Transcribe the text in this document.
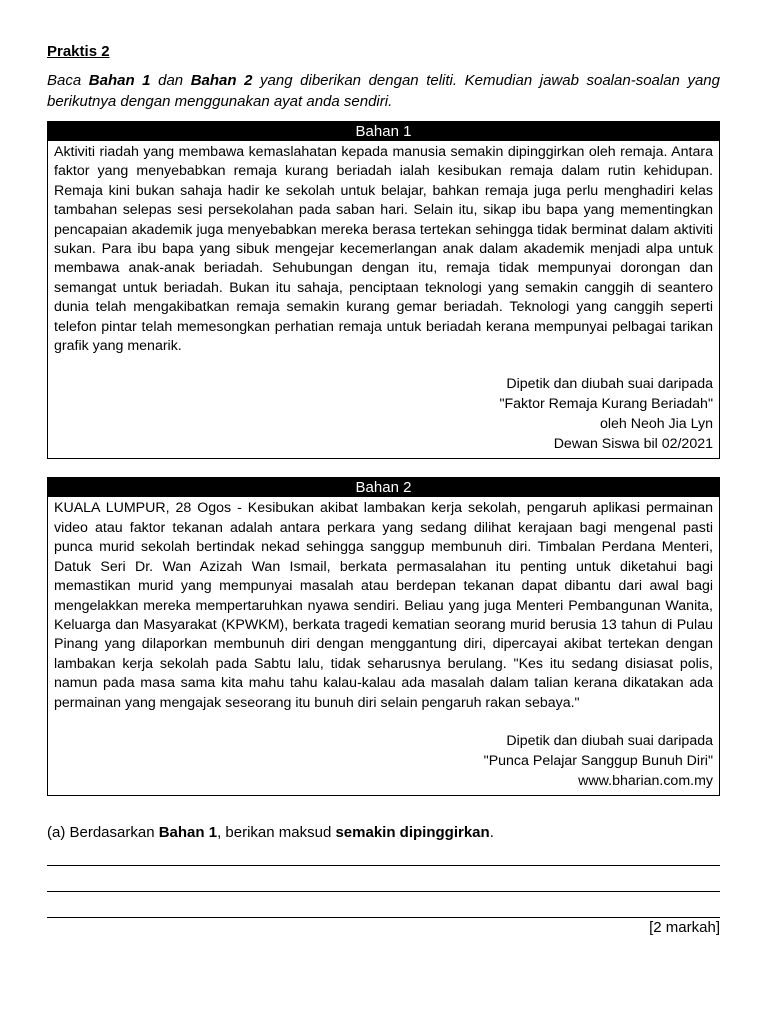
Praktis 2

Baca Bahan 1 dan Bahan 2 yang diberikan dengan teliti. Kemudian jawab soalan-soalan yang berikutnya dengan menggunakan ayat anda sendiri.

Bahan 1

Aktiviti riadah yang membawa kemaslahatan kepada manusia semakin dipinggirkan oleh remaja. Antara faktor yang menyebabkan remaja kurang beriadah ialah kesibukan remaja dalam rutin kehidupan. Remaja kini bukan sahaja hadir ke sekolah untuk belajar, bahkan remaja juga perlu menghadiri kelas tambahan selepas sesi persekolahan pada saban hari. Selain itu, sikap ibu bapa yang mementingkan pencapaian akademik juga menyebabkan mereka berasa tertekan sehingga tidak berminat dalam aktiviti sukan. Para ibu bapa yang sibuk mengejar kecemerlangan anak dalam akademik menjadi alpa untuk membawa anak-anak beriadah. Sehubungan dengan itu, remaja tidak mempunyai dorongan dan semangat untuk beriadah. Bukan itu sahaja, penciptaan teknologi yang semakin canggih di seantero dunia telah mengakibatkan remaja semakin kurang gemar beriadah. Teknologi yang canggih seperti telefon pintar telah memesongkan perhatian remaja untuk beriadah kerana mempunyai pelbagai tarikan grafik yang menarik.

Dipetik dan diubah suai daripada
"Faktor Remaja Kurang Beriadah"
oleh Neoh Jia Lyn
Dewan Siswa bil 02/2021
Bahan 2

KUALA LUMPUR, 28 Ogos - Kesibukan akibat lambakan kerja sekolah, pengaruh aplikasi permainan video atau faktor tekanan adalah antara perkara yang sedang dilihat kerajaan bagi mengenal pasti punca murid sekolah bertindak nekad sehingga sanggup membunuh diri. Timbalan Perdana Menteri, Datuk Seri Dr. Wan Azizah Wan Ismail, berkata permasalahan itu penting untuk diketahui bagi memastikan murid yang mempunyai masalah atau berdepan tekanan dapat dibantu dari awal bagi mengelakkan mereka mempertaruhkan nyawa sendiri. Beliau yang juga Menteri Pembangunan Wanita, Keluarga dan Masyarakat (KPWKM), berkata tragedi kematian seorang murid berusia 13 tahun di Pulau Pinang yang dilaporkan membunuh diri dengan menggantung diri, dipercayai akibat tertekan dengan lambakan kerja sekolah pada Sabtu lalu, tidak seharusnya berulang. "Kes itu sedang disiasat polis, namun pada masa sama kita mahu tahu kalau-kalau ada masalah dalam talian kerana dikatakan ada permainan yang mengajak seseorang itu bunuh diri selain pengaruh rakan sebaya."

Dipetik dan diubah suai daripada
"Punca Pelajar Sanggup Bunuh Diri"
www.bharian.com.my
(a) Berdasarkan Bahan 1, berikan maksud semakin dipinggirkan.
[2 markah]
